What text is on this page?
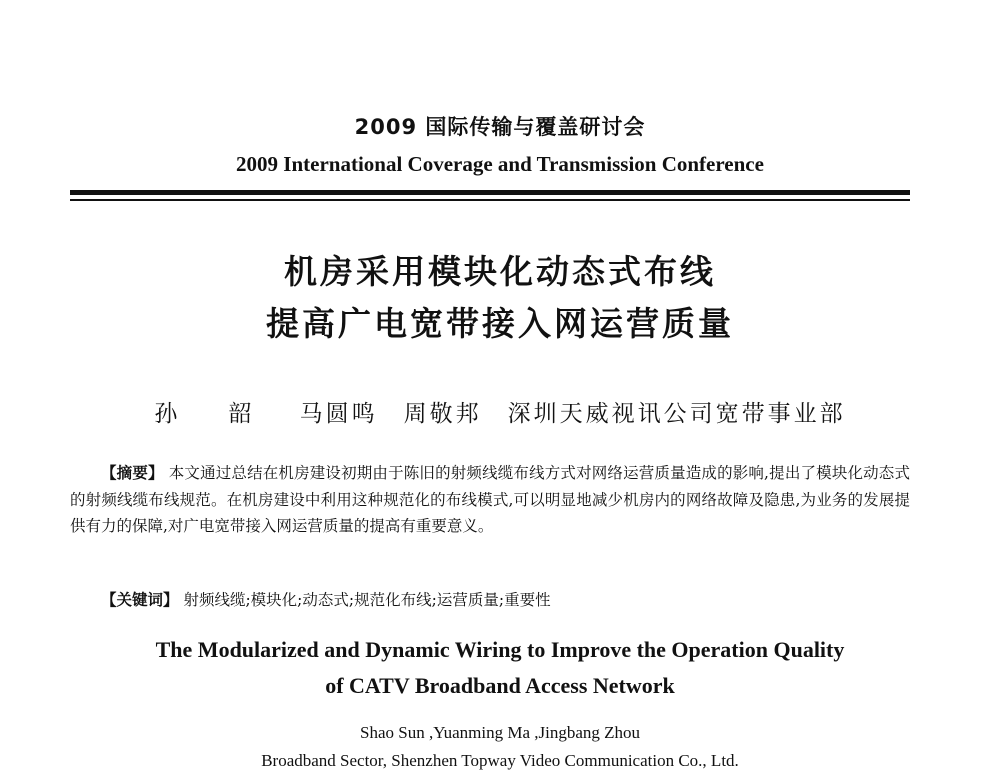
2009 国际传输与覆盖研讨会
2009 International Coverage and Transmission Conference
机房采用模块化动态式布线
提高广电宽带接入网运营质量
孙 韶 马圆鸣 周敬邦 深圳天威视讯公司宽带事业部
【摘要】 本文通过总结在机房建设初期由于陈旧的射频线缆布线方式对网络运营质量造成的影响,提出了模块化动态式的射频线缆布线规范。在机房建设中利用这种规范化的布线模式,可以明显地减少机房内的网络故障及隐患,为业务的发展提供有力的保障,对广电宽带接入网运营质量的提高有重要意义。
【关键词】 射频线缆;模块化;动态式;规范化布线;运营质量;重要性
The Modularized and Dynamic Wiring to Improve the Operation Quality
of CATV Broadband Access Network
Shao Sun ,Yuanming Ma ,Jingbang Zhou
Broadband Sector, Shenzhen Topway Video Communication Co., Ltd.
